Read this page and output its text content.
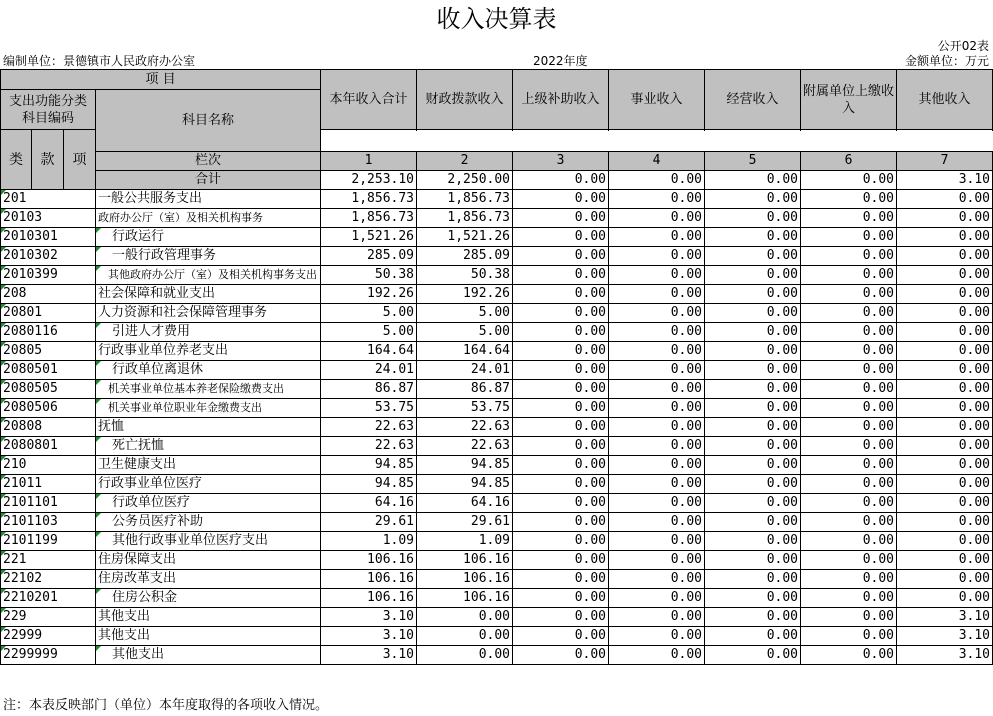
收入决算表
公开02表
编制单位：景德镇市人民政府办公室	2022年度	金额单位：万元
项 目				本年收入合计	财政拨款收入	上级补助收入	事业收入	经营收入	附属单位上缴收入	其他收入
支出功能分类科目编码			科目名称							

类	款	项								
			栏次	1	2	3	4	5	6	7
			合计	2,253.10	2,250.00	0.00	0.00	0.00	0.00	3.10
201			一般公共服务支出	1,856.73	1,856.73	0.00	0.00	0.00	0.00	0.00
20103			政府办公厅（室）及相关机构事务	1,856.73	1,856.73	0.00	0.00	0.00	0.00	0.00
2010301			行政运行	1,521.26	1,521.26	0.00	0.00	0.00	0.00	0.00
2010302			一般行政管理事务	285.09	285.09	0.00	0.00	0.00	0.00	0.00
2010399			其他政府办公厅（室）及相关机构事务支出	50.38	50.38	0.00	0.00	0.00	0.00	0.00
208			社会保障和就业支出	192.26	192.26	0.00	0.00	0.00	0.00	0.00
20801			人力资源和社会保障管理事务	5.00	5.00	0.00	0.00	0.00	0.00	0.00
2080116			引进人才费用	5.00	5.00	0.00	0.00	0.00	0.00	0.00
20805			行政事业单位养老支出	164.64	164.64	0.00	0.00	0.00	0.00	0.00
2080501			行政单位离退休	24.01	24.01	0.00	0.00	0.00	0.00	0.00
2080505			机关事业单位基本养老保险缴费支出	86.87	86.87	0.00	0.00	0.00	0.00	0.00
2080506			机关事业单位职业年金缴费支出	53.75	53.75	0.00	0.00	0.00	0.00	0.00
20808			抚恤	22.63	22.63	0.00	0.00	0.00	0.00	0.00
2080801			死亡抚恤	22.63	22.63	0.00	0.00	0.00	0.00	0.00
210			卫生健康支出	94.85	94.85	0.00	0.00	0.00	0.00	0.00
21011			行政事业单位医疗	94.85	94.85	0.00	0.00	0.00	0.00	0.00
2101101			行政单位医疗	64.16	64.16	0.00	0.00	0.00	0.00	0.00
2101103			公务员医疗补助	29.61	29.61	0.00	0.00	0.00	0.00	0.00
2101199			其他行政事业单位医疗支出	1.09	1.09	0.00	0.00	0.00	0.00	0.00
221			住房保障支出	106.16	106.16	0.00	0.00	0.00	0.00	0.00
22102			住房改革支出	106.16	106.16	0.00	0.00	0.00	0.00	0.00
2210201			住房公积金	106.16	106.16	0.00	0.00	0.00	0.00	0.00
229			其他支出	3.10	0.00	0.00	0.00	0.00	0.00	3.10
22999			其他支出	3.10	0.00	0.00	0.00	0.00	0.00	3.10
2299999			其他支出	3.10	0.00	0.00	0.00	0.00	0.00	3.10
注：本表反映部门（单位）本年度取得的各项收入情况。
